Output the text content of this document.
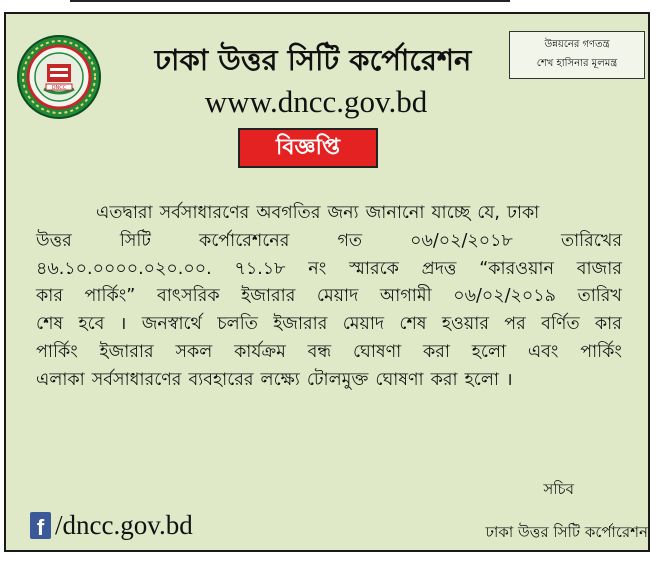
DNCC
ঢাকা উত্তর সিটি কর্পোরেশন
www.dncc.gov.bd
উন্নয়নের গণতন্ত্র
শেখ হাসিনার মূলমন্ত্র
বিজ্ঞপ্তি
এতদ্বারা সর্বসাধারণের অবগতির জন্য জানানো যাচ্ছে যে, ঢাকা
উত্তর	সিটি	কর্পোরেশনের	গত	০৬/০২/২০১৮	তারিখের
৪৬.১০.০০০০.০২০.০০. ৭১.১৮ নং স্মারকে প্রদত্ত “কারওয়ান বাজার
কার পার্কিং” বাৎসরিক ইজারার মেয়াদ আগামী ০৬/০২/২০১৯ তারিখ
শেষ হবে । জনস্বার্থে চলতি ইজারার মেয়াদ শেষ হওয়ার পর বর্ণিত কার
পার্কিং ইজারার সকল কার্যক্রম বন্ধ ঘোষণা করা হলো এবং পার্কিং
এলাকা সর্বসাধারণের ব্যবহারের লক্ষ্যে টোলমুক্ত ঘোষণা করা হলো ।
সচিব
ঢাকা উত্তর সিটি কর্পোরেশন
f /dncc.gov.bd
